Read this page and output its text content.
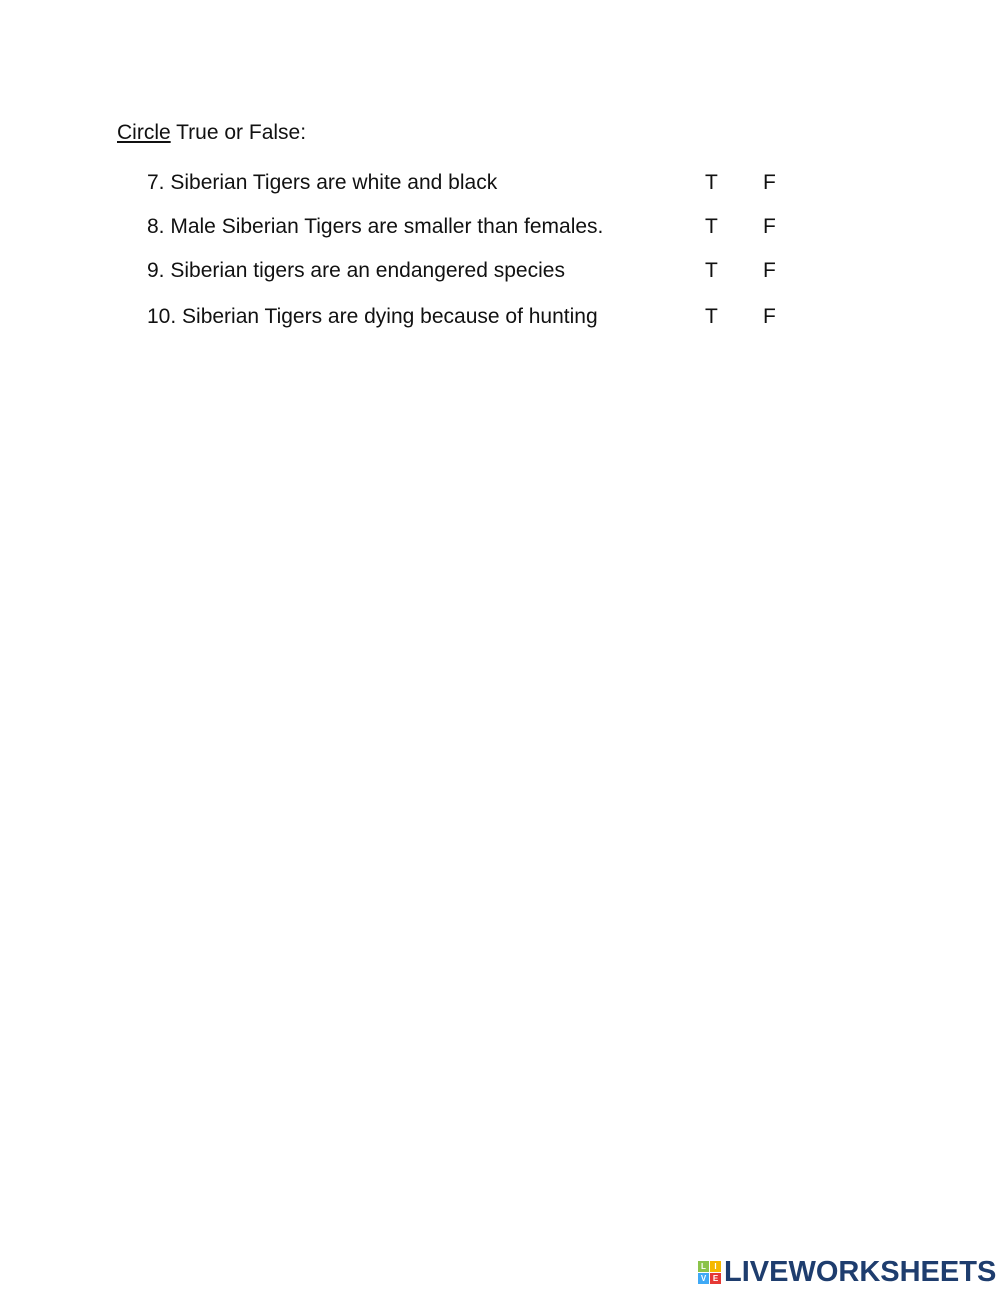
Circle True or False:
7. Siberian Tigers are white and black	T F
8. Male Siberian Tigers are smaller than females.	T F
9. Siberian tigers are an endangered species	T F
10. Siberian Tigers are dying because of hunting	T F
L	I
V E LIVEWORKSHEETS
